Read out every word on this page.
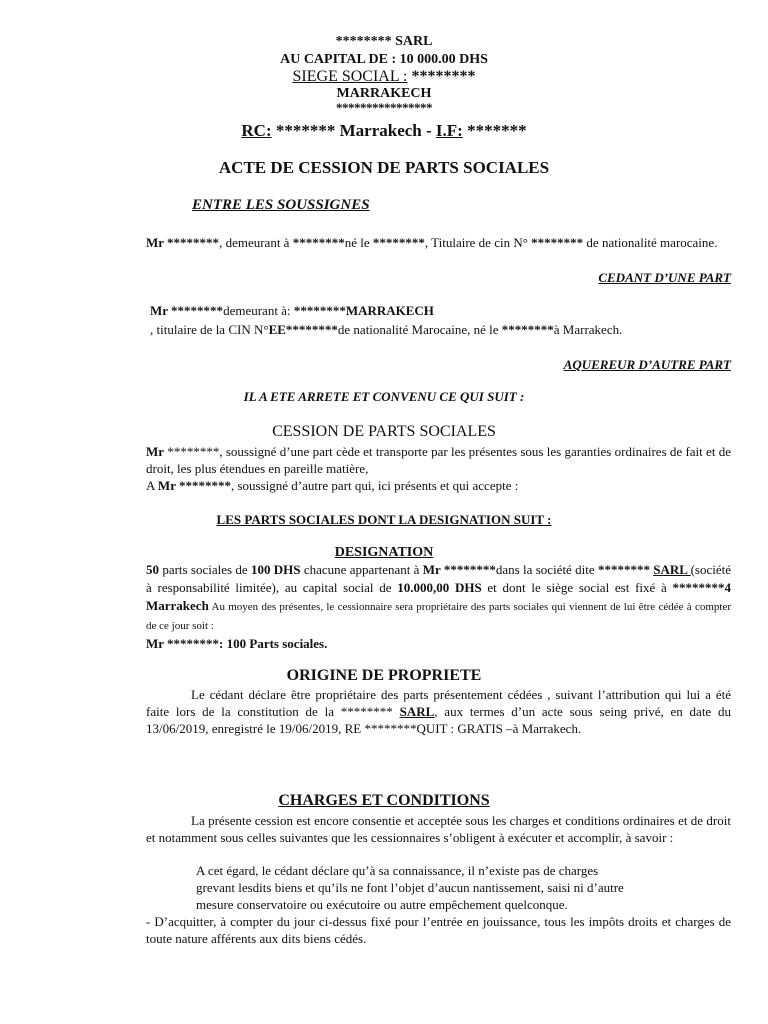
******** SARL
AU CAPITAL DE : 10 000.00 DHS
SIEGE SOCIAL : ********
MARRAKECH
****************
RC: ******* Marrakech - I.F: *******
ACTE DE CESSION DE PARTS SOCIALES
ENTRE LES SOUSSIGNES
Mr ********, demeurant à ********né le ********, Titulaire de cin N° ******** de nationalité marocaine.
CEDANT D’UNE PART
Mr ********demeurant à: ********MARRAKECH
, titulaire de la CIN N°EE********de nationalité Marocaine, né le ********à Marrakech.
AQUEREUR D’AUTRE PART
IL A ETE ARRETE ET CONVENU CE QUI SUIT :
CESSION DE PARTS SOCIALES
Mr ********, soussigné d’une part cède et transporte par les présentes sous les garanties ordinaires de fait et de droit, les plus étendues en pareille matière,
A Mr ********, soussigné d’autre part qui, ici présents et qui accepte :
LES PARTS SOCIALES DONT LA DESIGNATION SUIT :
DESIGNATION
50 parts sociales de 100 DHS chacune appartenant à Mr ********dans la société dite ******** SARL (société à responsabilité limitée), au capital social de 10.000,00 DHS et dont le siège social est fixé à ********4 Marrakech Au moyen des présentes, le cessionnaire sera propriétaire des parts sociales qui viennent de lui être cédée à compter de ce jour soit :
Mr ********: 100 Parts sociales.
ORIGINE DE PROPRIETE
Le cédant déclare être propriétaire des parts présentement cédées , suivant l’attribution qui lui a été faite lors de la constitution de la ******** SARL, aux termes d’un acte sous seing privé, en date du 13/06/2019, enregistré le 19/06/2019, RE ********QUIT : GRATIS –à Marrakech.
CHARGES ET CONDITIONS
La présente cession est encore consentie et acceptée sous les charges et conditions ordinaires et de droit et notamment sous celles suivantes que les cessionnaires s’obligent à exécuter et accomplir, à savoir :
A cet égard, le cédant déclare qu’à sa connaissance, il n’existe pas de charges
grevant lesdits biens et qu’ils ne font l’objet d’aucun nantissement, saisi ni d’autre
mesure conservatoire ou exécutoire ou autre empêchement quelconque.
- D’acquitter, à compter du jour ci-dessus fixé pour l’entrée en jouissance, tous les impôts droits et charges de toute nature afférents aux dits biens cédés.
